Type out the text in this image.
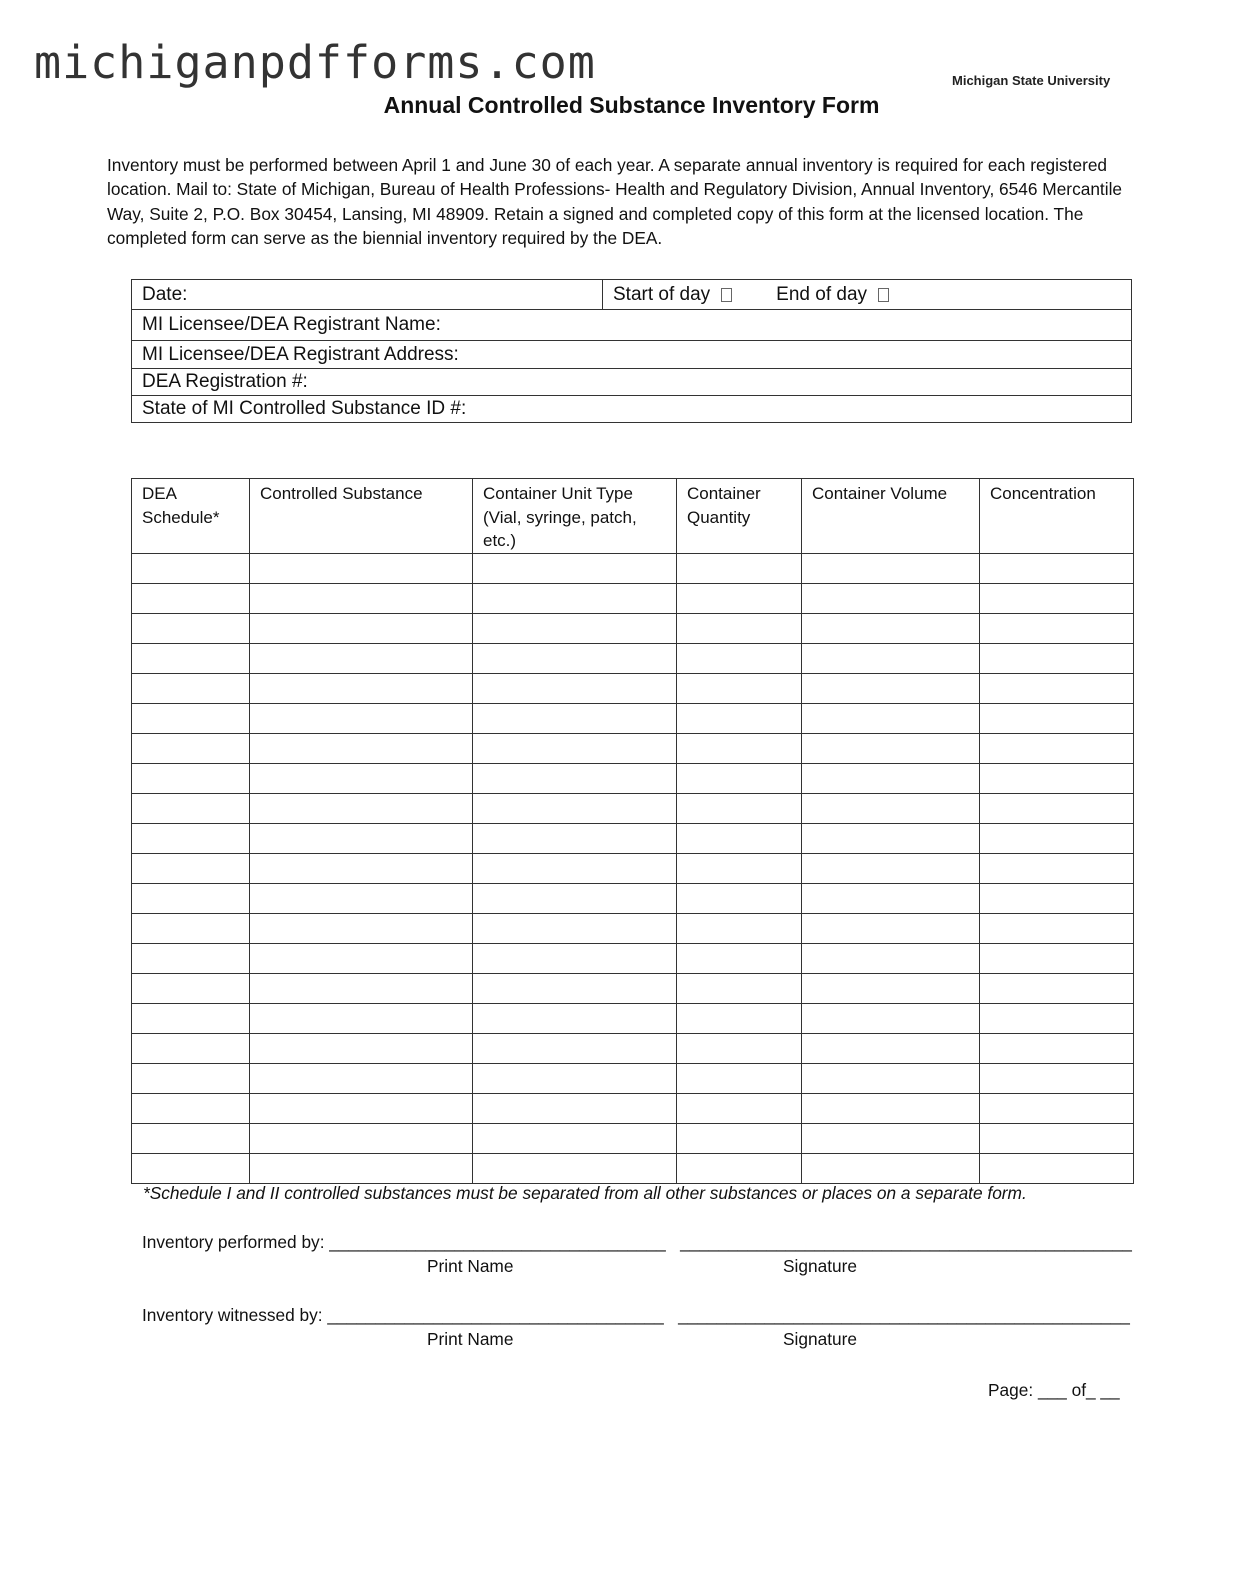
michiganpdfforms.com	Michigan State University
Annual Controlled Substance Inventory Form

Inventory must be performed between April 1 and June 30 of each year. A separate annual inventory is required for each registered location. Mail to: State of Michigan, Bureau of Health Professions- Health and Regulatory Division, Annual Inventory, 6546 Mercantile Way, Suite 2, P.O. Box 30454, Lansing, MI 48909. Retain a signed and completed copy of this form at the licensed location. The completed form can serve as the biennial inventory required by the DEA.

Date:	Start of day	End of day
MI Licensee/DEA Registrant Name:
MI Licensee/DEA Registrant Address:
DEA Registration #:
State of MI Controlled Substance ID #:
DEA Schedule*	Controlled Substance	Container Unit Type (Vial, syringe, patch, etc.)	Container Quantity	Container Volume	Concentration

*Schedule I and II controlled substances must be separated from all other substances or places on a separate form.
Inventory performed by: ___________________________________   _______________________________________________
Print Name	Signature
Inventory witnessed by: ___________________________________   _______________________________________________
Print Name	Signature
Page: ___ of_ __
